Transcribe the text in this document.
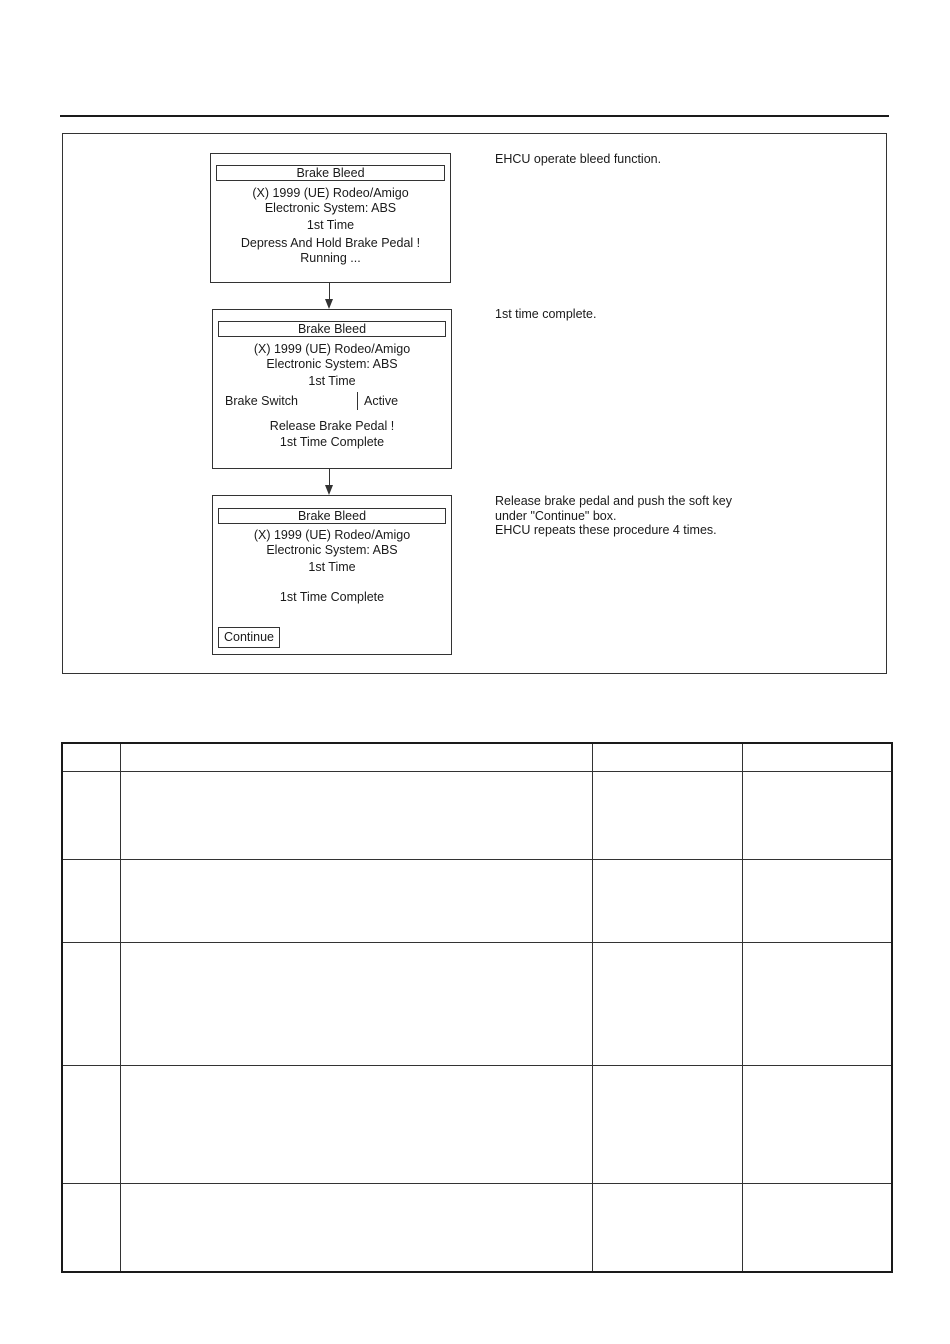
Brake Bleed
(X) 1999 (UE) Rodeo/Amigo
Electronic System: ABS
1st Time
Depress And Hold Brake Pedal !
Running ...
Brake Bleed
(X) 1999 (UE) Rodeo/Amigo
Electronic System: ABS
1st Time
Brake Switch	Active
Release Brake Pedal !
1st Time Complete
Brake Bleed
(X) 1999 (UE) Rodeo/Amigo
Electronic System: ABS
1st Time
1st Time Complete
Continue
EHCU operate bleed function.
1st time complete.
Release brake pedal and push the soft key
under "Continue" box.
EHCU repeats these procedure 4 times.
